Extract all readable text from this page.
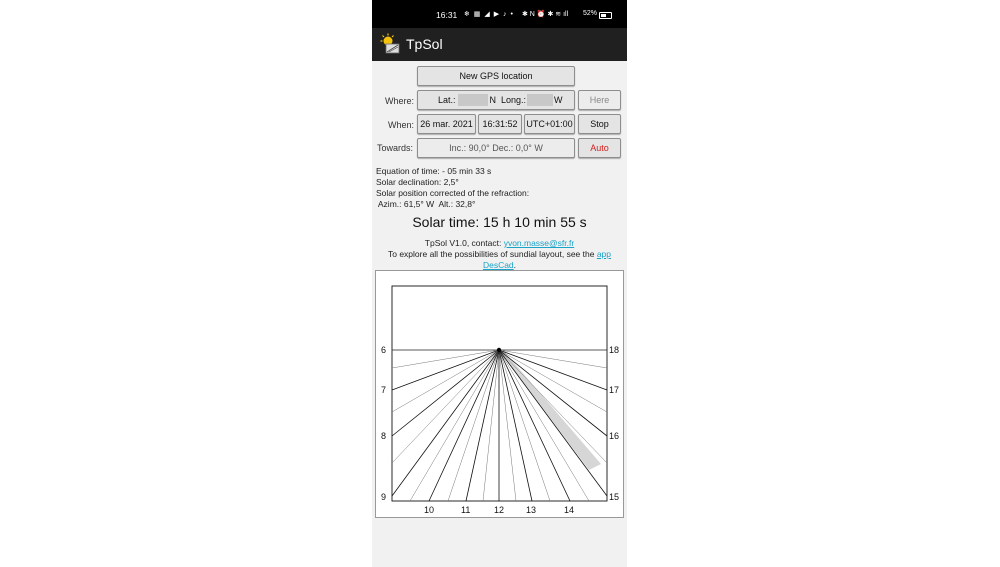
16:31 ❄ ▦ ◢ ▶ ♪ • ✱ N ⏰ ✱ ≋ ıll 52%
TpSol
New GPS location
Where:	Lat.:	N Long.:	W	Here
When: 26 mar. 2021	16:31:52 UTC+01:00	Stop
Towards:	Inc.: 90,0° Dec.: 0,0° W	Auto
Equation of time: - 05 min 33 s
Solar declination: 2,5°
Solar position corrected of the refraction:
Azim.: 61,5° W  Alt.: 32,8°
Solar time: 15 h 10 min 55 s
TpSol V1.0, contact: yvon.masse@sfr.fr
To explore all the possibilities of sundial layout, see the app
DesCad.
6
7
8
9
18
17
16
15
10	11	12 13	14
